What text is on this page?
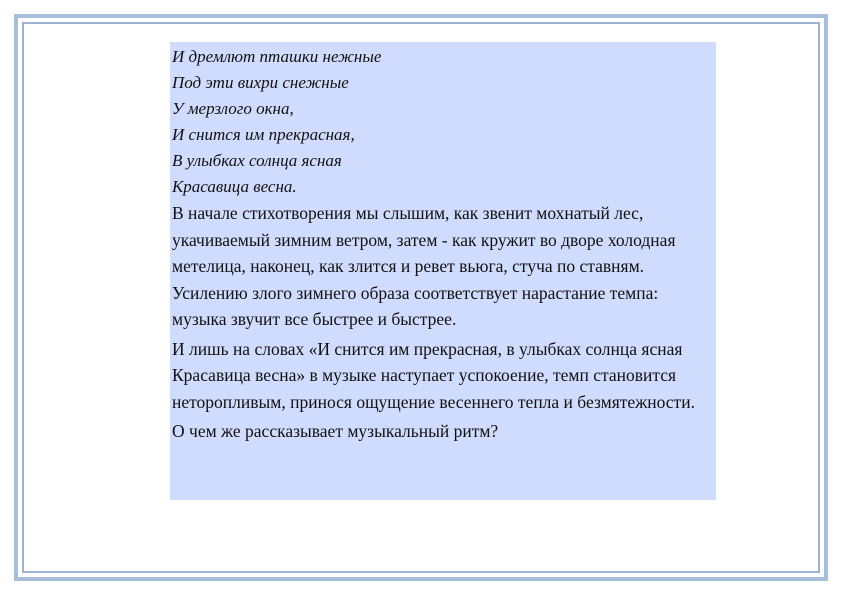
И дремлют пташки нежные
Под эти вихри снежные
У мерзлого окна,
И снится им прекрасная,
В улыбках солнца ясная
Красавица весна.

В начале стихотворения мы слышим, как звенит мохнатый лес, укачиваемый зимним ветром, затем - как кружит во дворе холодная метелица, наконец, как злится и ревет вьюга, стуча по ставням. Усилению злого зимнего образа соответствует нарастание темпа: музыка звучит все быстрее и быстрее.

И лишь на словах «И снится им прекрасная, в улыбках солнца ясная Красавица весна» в музыке наступает успокоение, темп становится неторопливым, принося ощущение весеннего тепла и безмятежности.

О чем же рассказывает музыкальный ритм?
